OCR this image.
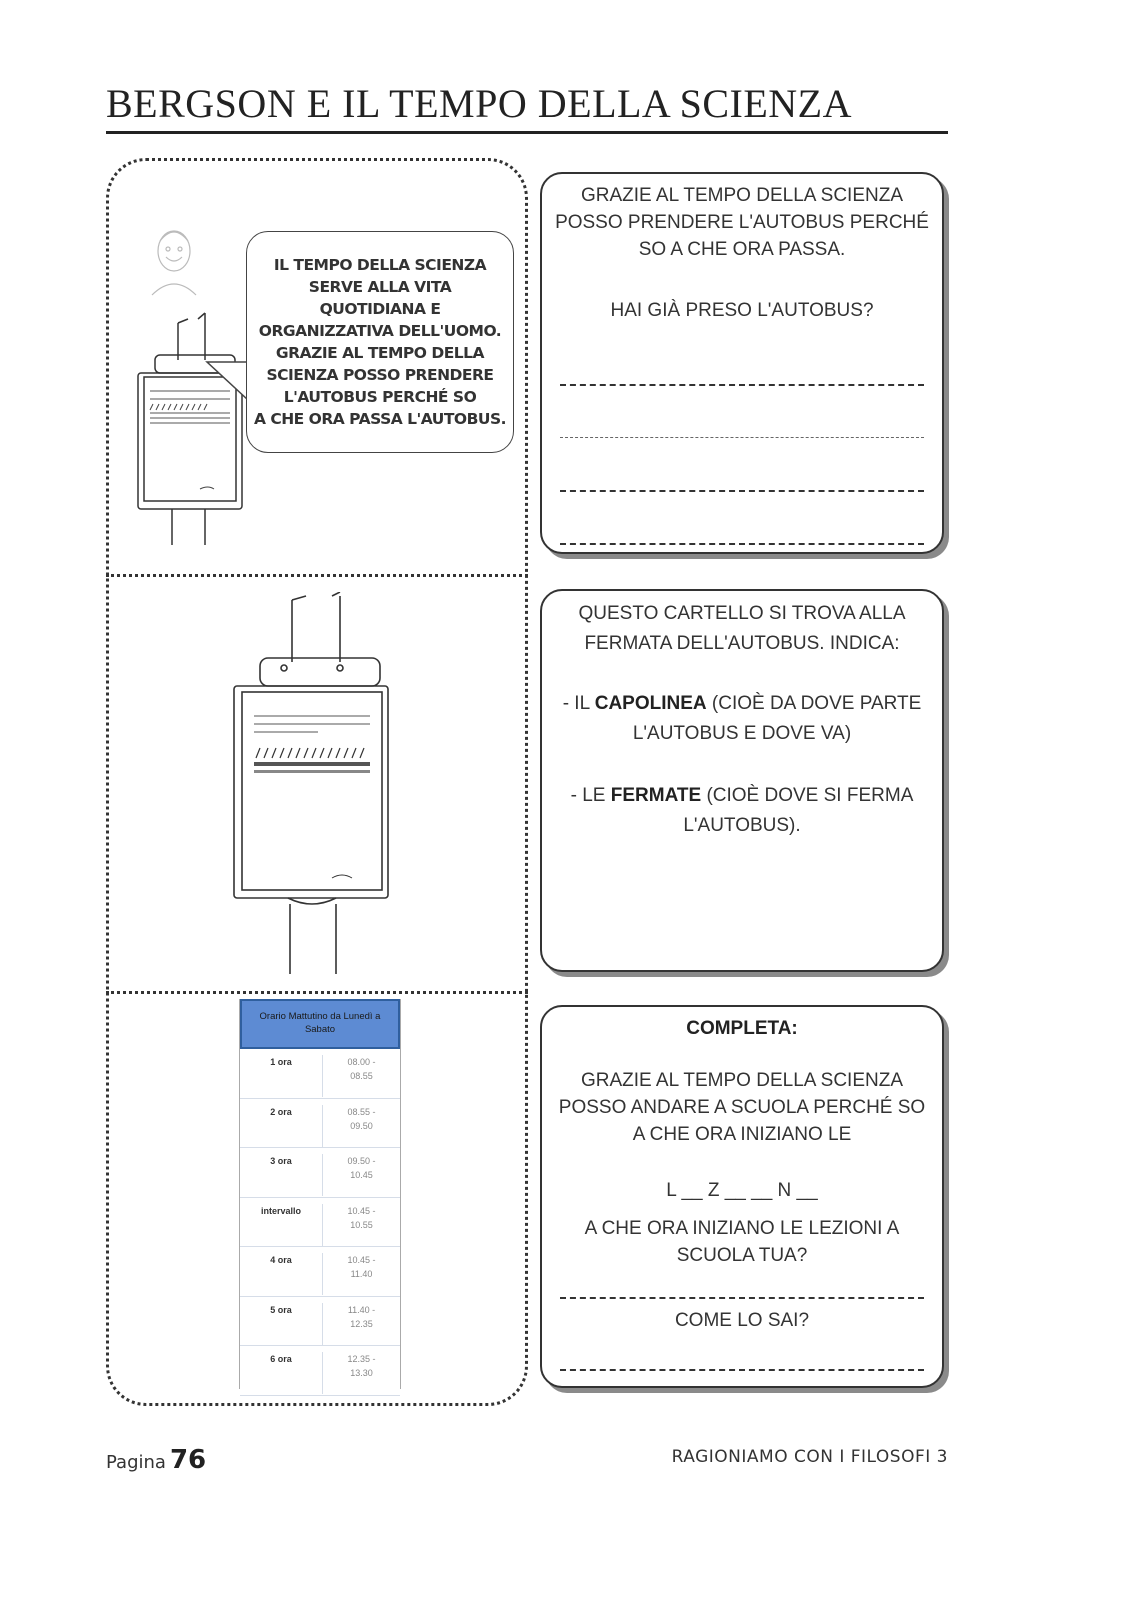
BERGSON E IL TEMPO DELLA SCIENZA

IL TEMPO DELLA SCIENZA
SERVE ALLA VITA
QUOTIDIANA E
ORGANIZZATIVA DELL'UOMO.
GRAZIE AL TEMPO DELLA
SCIENZA POSSO PRENDERE
L'AUTOBUS PERCHÉ SO
A CHE ORA PASSA L'AUTOBUS.

Orario Mattutino da Lunedì a
Sabato
1 ora	08.00 -
08.55
2 ora	08.55 -
09.50
3 ora	09.50 -
10.45
intervallo	10.45 -
10.55
4 ora	10.45 -
11.40
5 ora	11.40 -
12.35
6 ora	12.35 -
13.30

GRAZIE AL TEMPO DELLA SCIENZA
POSSO PRENDERE L'AUTOBUS PERCHÉ
SO A CHE ORA PASSA.

HAI GIÀ PRESO L'AUTOBUS?

QUESTO CARTELLO SI TROVA ALLA
FERMATA DELL'AUTOBUS. INDICA:

- IL CAPOLINEA (CIOÈ DA DOVE PARTE
L'AUTOBUS E DOVE VA)

- LE FERMATE (CIOÈ DOVE SI FERMA
L'AUTOBUS).

COMPLETA:

GRAZIE AL TEMPO DELLA SCIENZA
POSSO ANDARE A SCUOLA PERCHÉ SO
A CHE ORA INIZIANO LE

L __ Z __ __ N __

A CHE ORA INIZIANO LE LEZIONI A
SCUOLA TUA?

COME LO SAI?

Pagina 76	RAGIONIAMO CON I FILOSOFI 3
